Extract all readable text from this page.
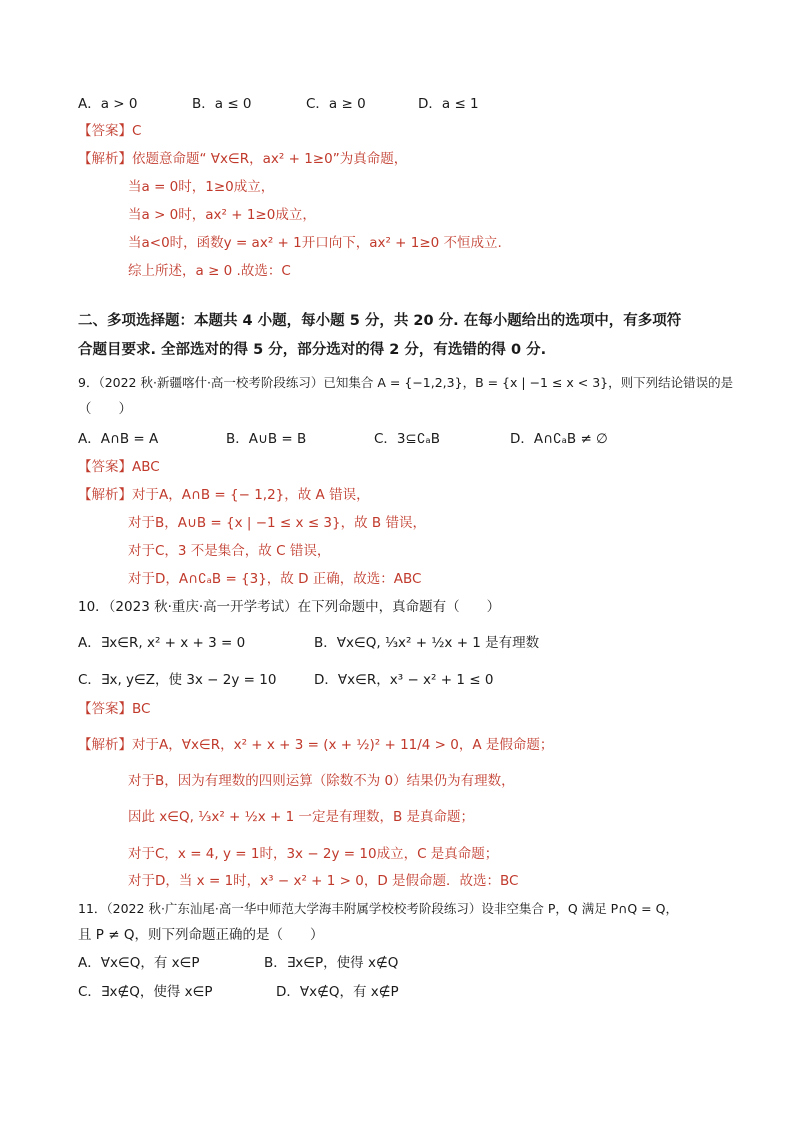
A．a > 0	B．a ≤ 0	C．a ≥ 0	D．a ≤ 1
【答案】C
【解析】依题意命题“ ∀x∈R，ax² + 1≥0”为真命题，
当a = 0时，1≥0成立，
当a > 0时，ax² + 1≥0成立，
当a<0时，函数y = ax² + 1开口向下，ax² + 1≥0 不恒成立.
综上所述，a ≥ 0 .故选：C
二、多项选择题：本题共 4 小题，每小题 5 分，共 20 分. 在每小题给出的选项中，有多项符
合题目要求. 全部选对的得 5 分，部分选对的得 2 分，有选错的得 0 分.
9．（2022 秋·新疆喀什·高一校考阶段练习）已知集合 A = {−1,2,3}，B = {x | −1 ≤ x < 3}，则下列结论错误的是
（　　）
A．A∩B = A	B．A∪B = B	C．3⊆∁ₐB	D．A∩∁ₐB ≠ ∅
【答案】ABC
【解析】对于A，A∩B = {− 1,2}，故 A 错误，
对于B，A∪B = {x | −1 ≤ x ≤ 3}，故 B 错误，
对于C，3 不是集合，故 C 错误，
对于D，A∩∁ₐB = {3}，故 D 正确，故选：ABC
10．（2023 秋·重庆·高一开学考试）在下列命题中，真命题有（　　）
A．∃x∈R, x² + x + 3 = 0	B．∀x∈Q, ⅓x² + ½x + 1 是有理数
C．∃x, y∈Z，使 3x − 2y = 10	D．∀x∈R，x³ − x² + 1 ≤ 0
【答案】BC
【解析】对于A，∀x∈R，x² + x + 3 = (x + ½)² + 11/4 > 0，A 是假命题；
对于B，因为有理数的四则运算（除数不为 0）结果仍为有理数，
因此 x∈Q, ⅓x² + ½x + 1 一定是有理数，B 是真命题；
对于C，x = 4, y = 1时，3x − 2y = 10成立，C 是真命题；
对于D，当 x = 1时，x³ − x² + 1 > 0，D 是假命题．故选：BC
11．（2022 秋·广东汕尾·高一华中师范大学海丰附属学校校考阶段练习）设非空集合 P，Q 满足 P∩Q = Q，
且 P ≠ Q，则下列命题正确的是（　　）
A．∀x∈Q，有 x∈P	B．∃x∈P，使得 x∉Q
C．∃x∉Q，使得 x∈P	D．∀x∉Q，有 x∉P
